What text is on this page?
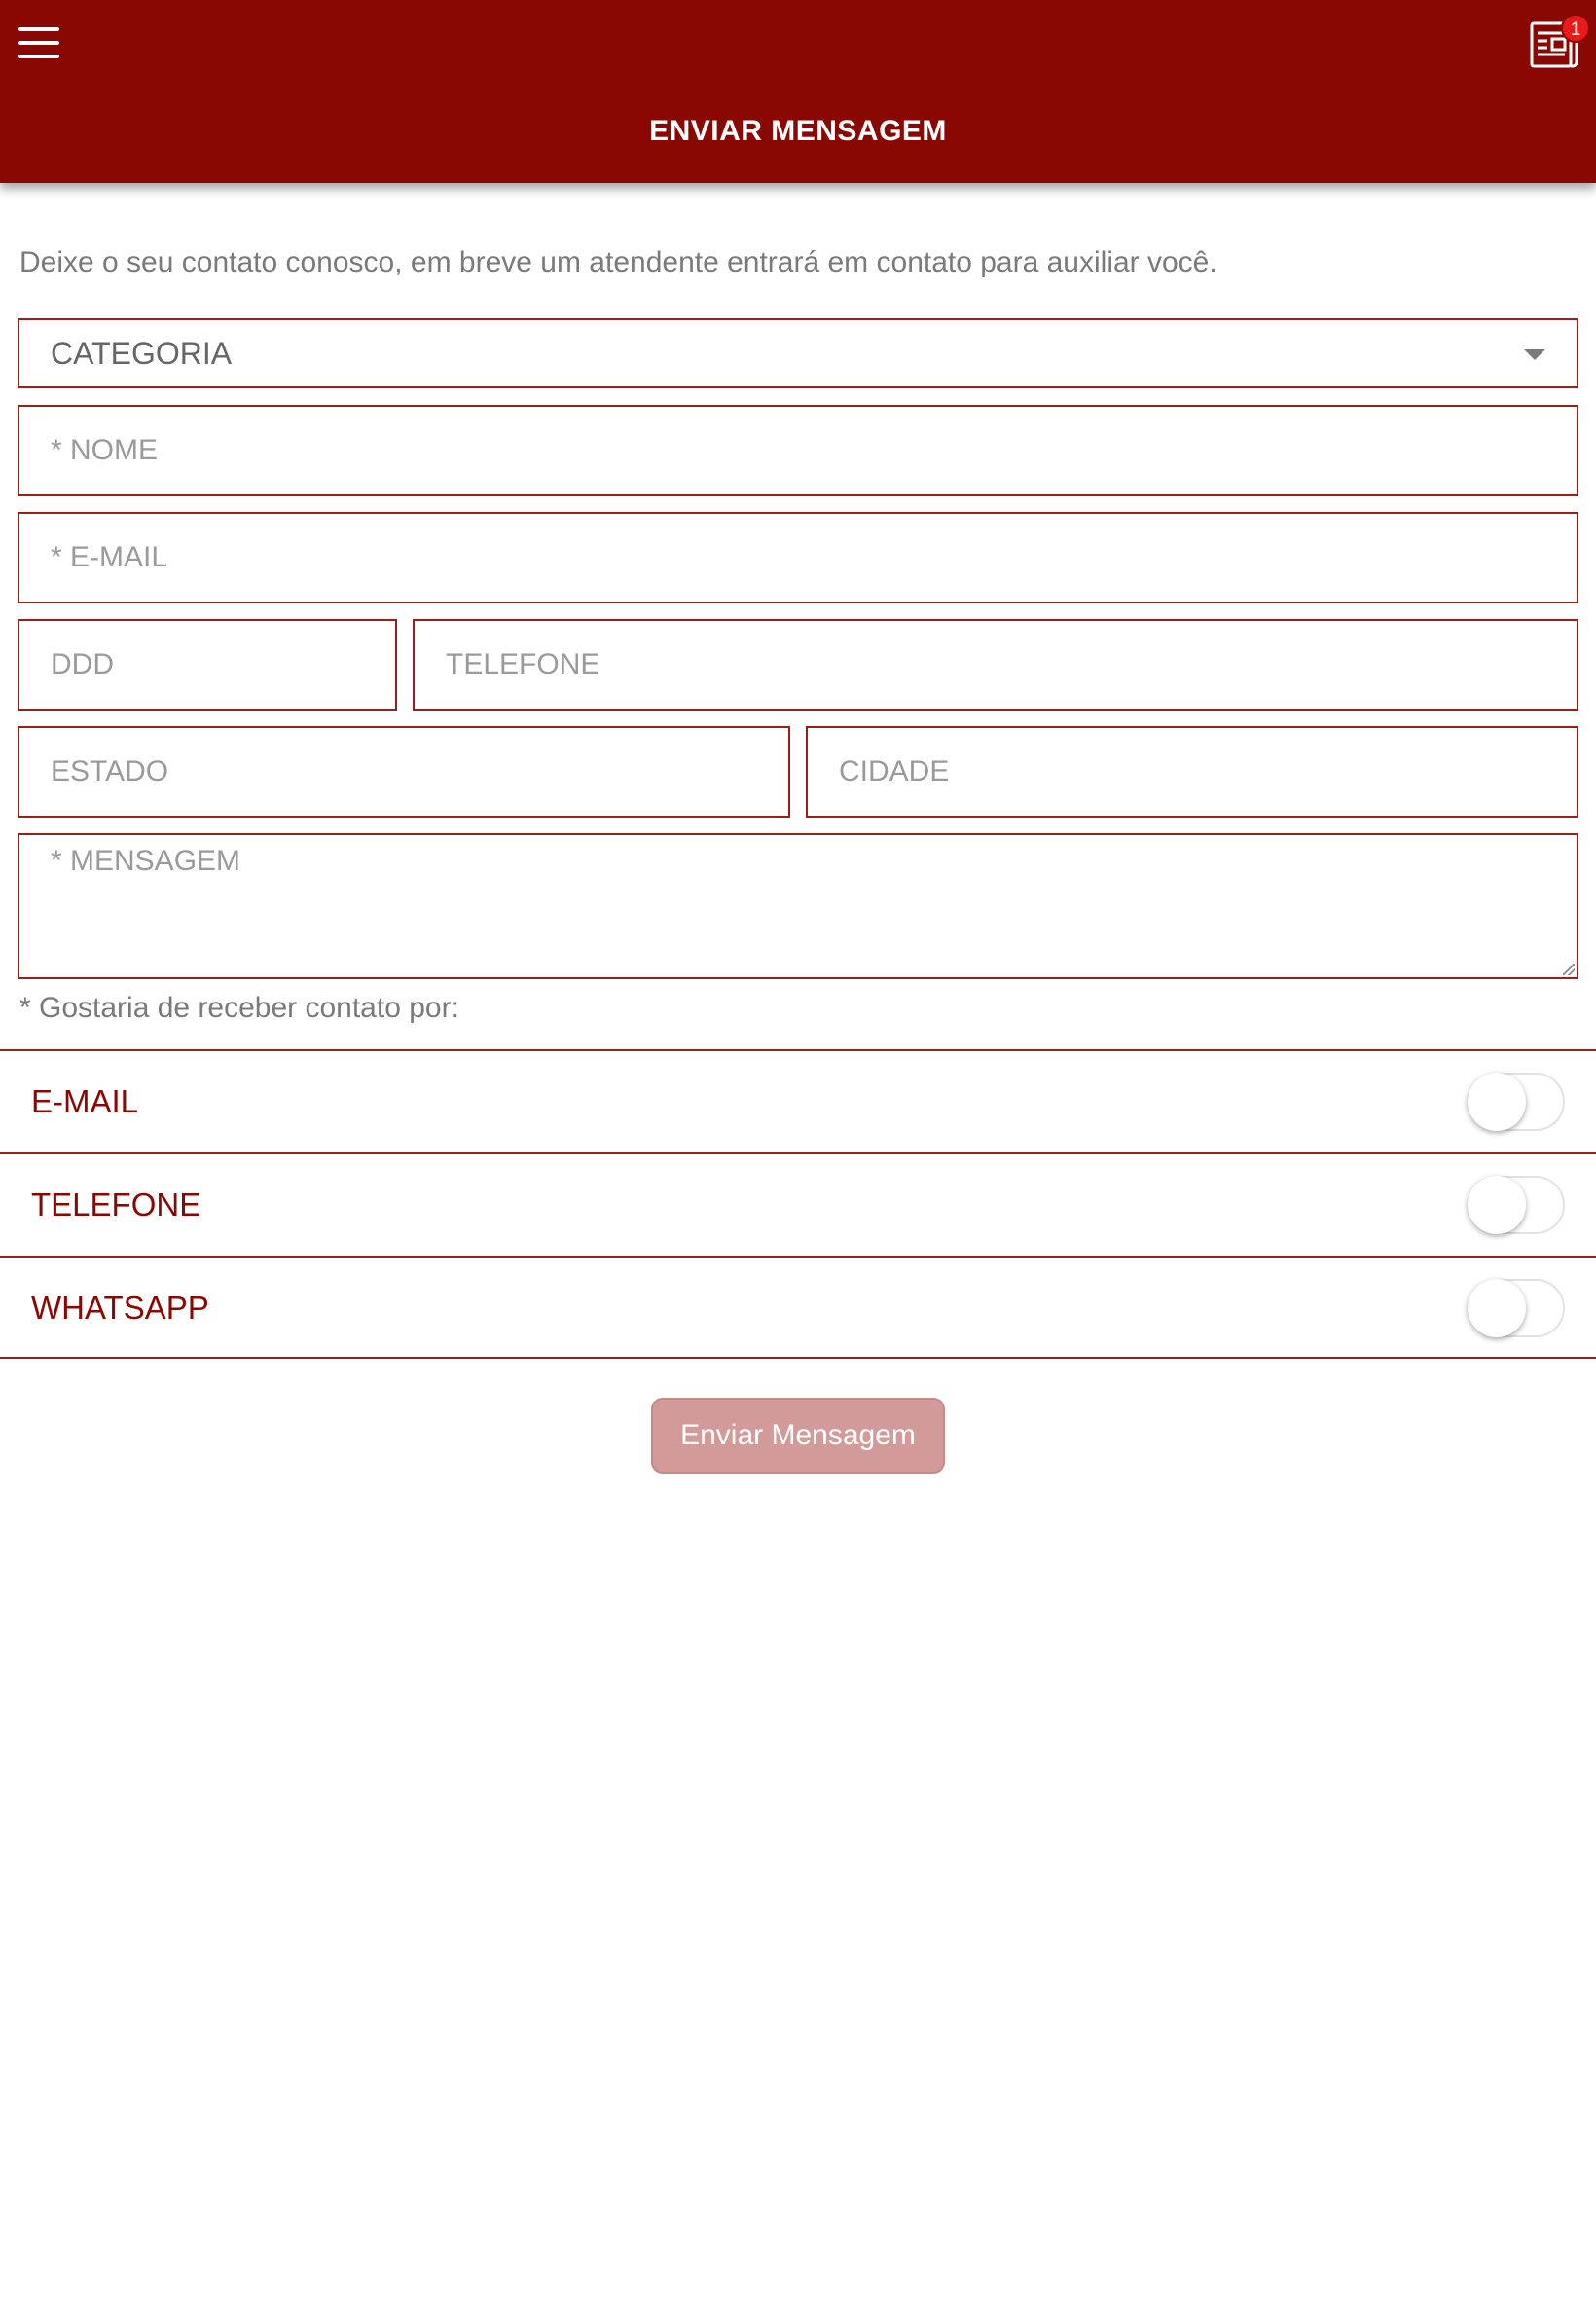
ENVIAR MENSAGEM
1
Deixe o seu contato conosco, em breve um atendente entrará em contato para auxiliar você.
CATEGORIA
* NOME
* E-MAIL
DDD
TELEFONE
ESTADO
CIDADE
* MENSAGEM
* Gostaria de receber contato por:
E-MAIL
TELEFONE
WHATSAPP
Enviar Mensagem
